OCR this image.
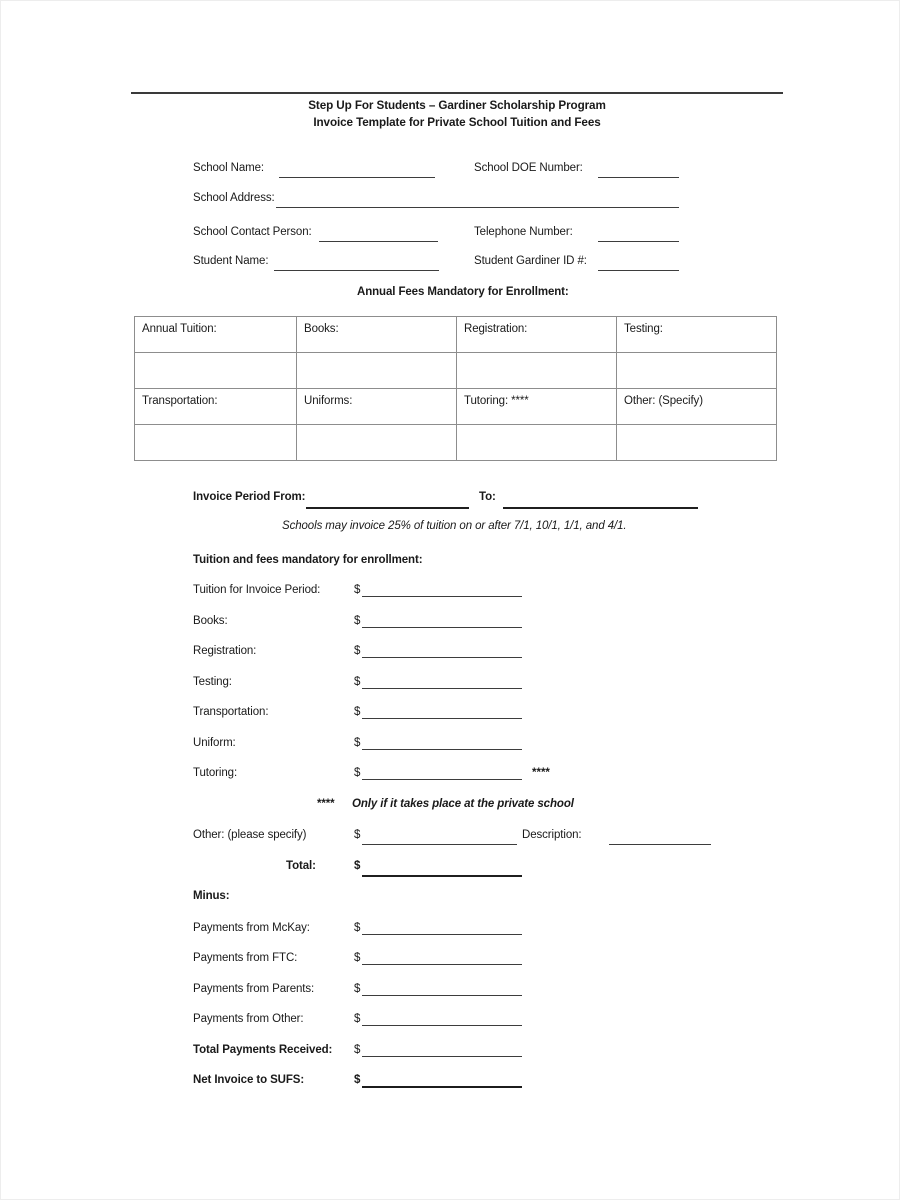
Step Up For Students – Gardiner Scholarship Program
Invoice Template for Private School Tuition and Fees
School Name:	School DOE Number:
School Address:
School Contact Person:	Telephone Number:
Student Name:	Student Gardiner ID #:
Annual Fees Mandatory for Enrollment:
Annual Tuition:	Books:	Registration:	Testing:

Transportation:	Uniforms:	Tutoring: ****	Other: (Specify)

Invoice Period From:	To:
Schools may invoice 25% of tuition on or after 7/1, 10/1, 1/1, and 4/1.
Tuition and fees mandatory for enrollment:
Tuition for Invoice Period:	$
Books:	$
Registration:	$
Testing:	$
Transportation:	$
Uniform:	$
Tutoring:	$	****
**** Only if it takes place at the private school
Other: (please specify)	$	Description:
Total:	$
Minus:
Payments from McKay:	$
Payments from FTC:	$
Payments from Parents:	$
Payments from Other:	$
Total Payments Received: $
Net Invoice to SUFS:	$
